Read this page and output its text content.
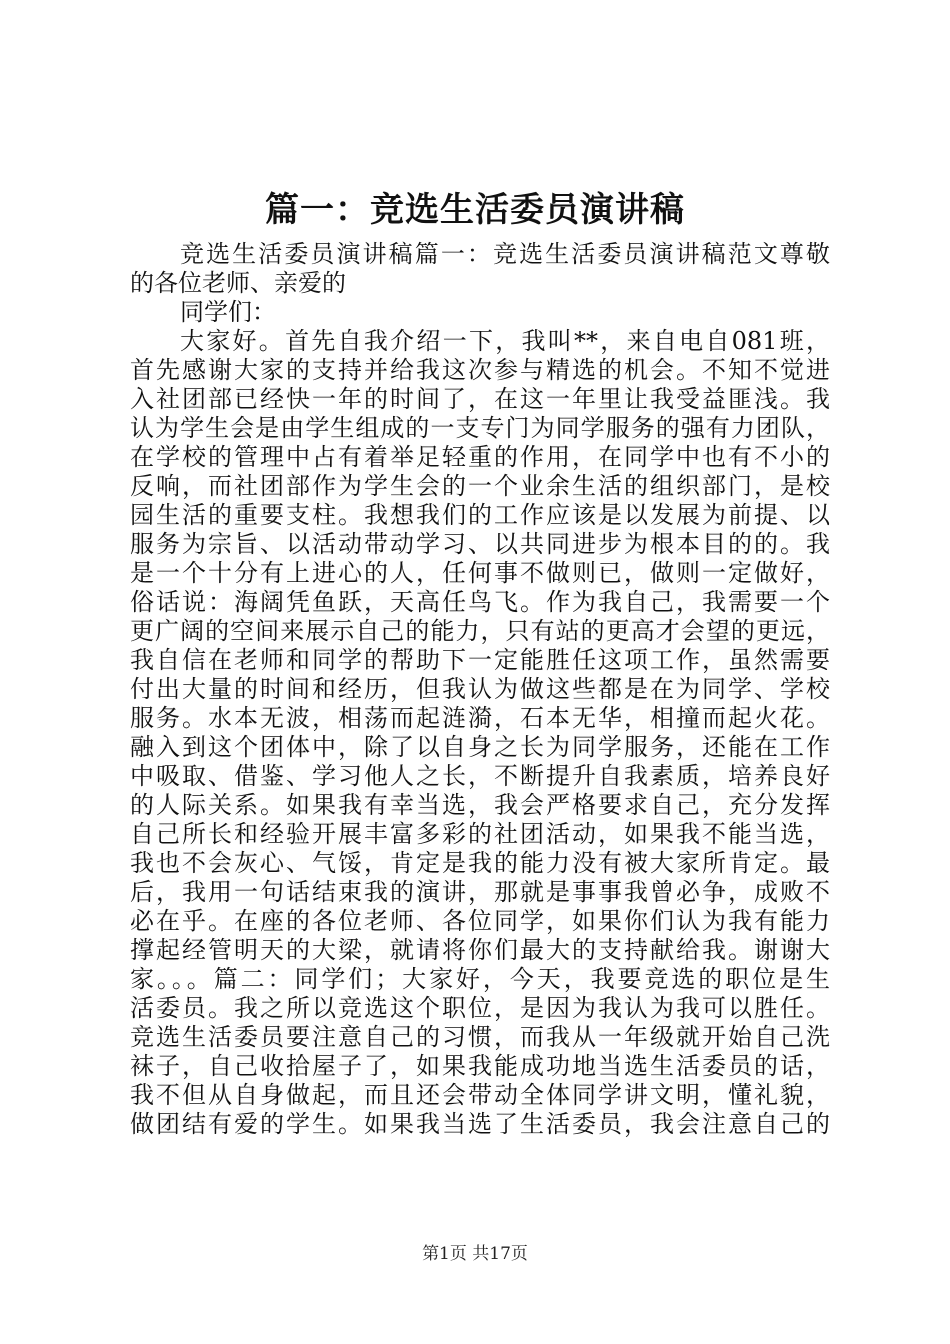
篇一：竞选生活委员演讲稿
竞选生活委员演讲稿篇一：竞选生活委员演讲稿范文尊敬
的各位老师、亲爱的
同学们：
大家好。首先自我介绍一下，我叫**，来自电自081班，
首先感谢大家的支持并给我这次参与精选的机会。不知不觉进
入社团部已经快一年的时间了，在这一年里让我受益匪浅。我
认为学生会是由学生组成的一支专门为同学服务的强有力团队，
在学校的管理中占有着举足轻重的作用，在同学中也有不小的
反响，而社团部作为学生会的一个业余生活的组织部门，是校
园生活的重要支柱。我想我们的工作应该是以发展为前提、以
服务为宗旨、以活动带动学习、以共同进步为根本目的的。我
是一个十分有上进心的人，任何事不做则已，做则一定做好，
俗话说：海阔凭鱼跃，天高任鸟飞。作为我自己，我需要一个
更广阔的空间来展示自己的能力，只有站的更高才会望的更远，
我自信在老师和同学的帮助下一定能胜任这项工作，虽然需要
付出大量的时间和经历，但我认为做这些都是在为同学、学校
服务。水本无波，相荡而起涟漪，石本无华，相撞而起火花。
融入到这个团体中，除了以自身之长为同学服务，还能在工作
中吸取、借鉴、学习他人之长，不断提升自我素质，培养良好
的人际关系。如果我有幸当选，我会严格要求自己，充分发挥
自己所长和经验开展丰富多彩的社团活动，如果我不能当选，
我也不会灰心、气馁，肯定是我的能力没有被大家所肯定。最
后，我用一句话结束我的演讲，那就是事事我曾必争，成败不
必在乎。在座的各位老师、各位同学，如果你们认为我有能力
撑起经管明天的大梁，就请将你们最大的支持献给我。谢谢大
家。。。篇二：同学们；大家好，今天，我要竞选的职位是生
活委员。我之所以竞选这个职位，是因为我认为我可以胜任。
竞选生活委员要注意自己的习惯，而我从一年级就开始自己洗
袜子，自己收拾屋子了，如果我能成功地当选生活委员的话，
我不但从自身做起，而且还会带动全体同学讲文明，懂礼貌，
做团结有爱的学生。如果我当选了生活委员，我会注意自己的
第1页 共17页
